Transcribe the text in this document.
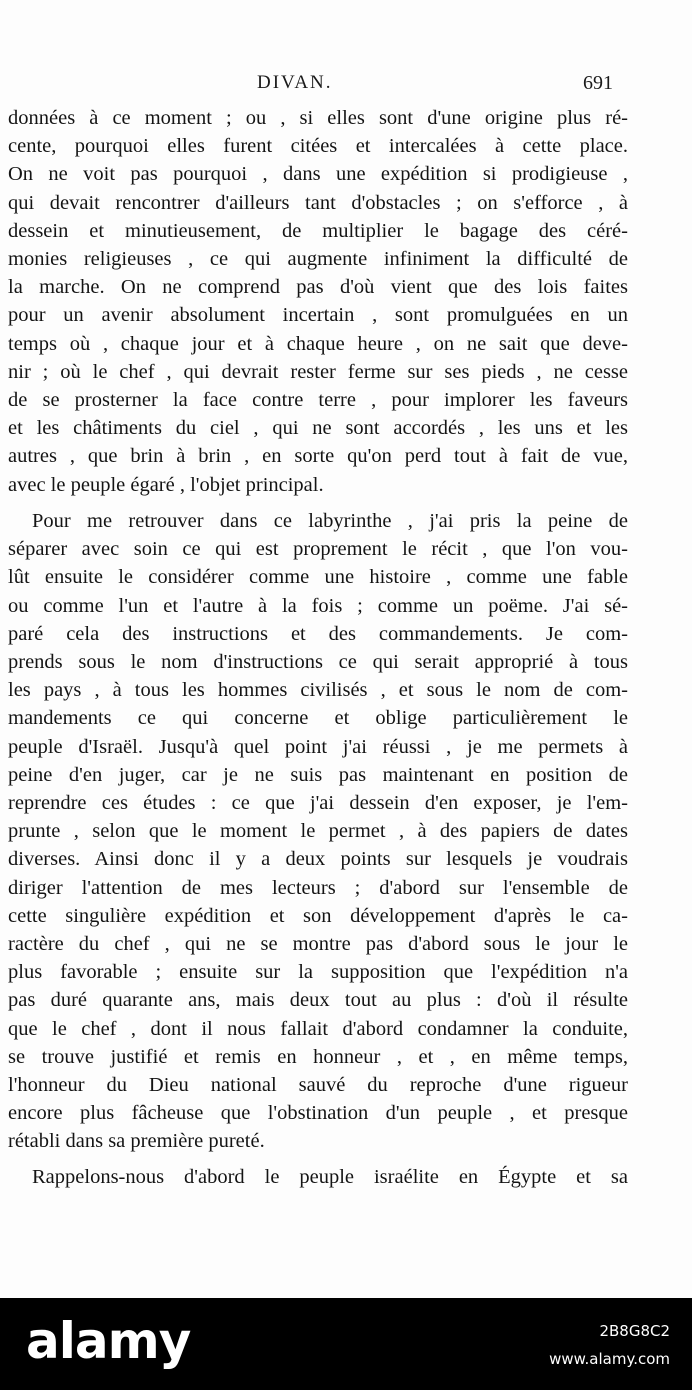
DIVAN.	691
données à ce moment ; ou , si elles sont d'une origine plus ré-
cente, pourquoi elles furent citées et intercalées à cette place.
On ne voit pas pourquoi , dans une expédition si prodigieuse ,
qui devait rencontrer d'ailleurs tant d'obstacles ; on s'efforce , à
dessein et minutieusement, de multiplier le bagage des céré-
monies religieuses , ce qui augmente infiniment la difficulté de
la marche. On ne comprend pas d'où vient que des lois faites
pour un avenir absolument incertain , sont promulguées en un
temps où , chaque jour et à chaque heure , on ne sait que deve-
nir ; où le chef , qui devrait rester ferme sur ses pieds , ne cesse
de se prosterner la face contre terre , pour implorer les faveurs
et les châtiments du ciel , qui ne sont accordés , les uns et les
autres , que brin à brin , en sorte qu'on perd tout à fait de vue,
avec le peuple égaré , l'objet principal.
Pour me retrouver dans ce labyrinthe , j'ai pris la peine de
séparer avec soin ce qui est proprement le récit , que l'on vou-
lût ensuite le considérer comme une histoire , comme une fable
ou comme l'un et l'autre à la fois ; comme un poëme. J'ai sé-
paré cela des instructions et des commandements. Je com-
prends sous le nom d'instructions ce qui serait approprié à tous
les pays , à tous les hommes civilisés , et sous le nom de com-
mandements ce qui concerne et oblige particulièrement le
peuple d'Israël. Jusqu'à quel point j'ai réussi , je me permets à
peine d'en juger, car je ne suis pas maintenant en position de
reprendre ces études : ce que j'ai dessein d'en exposer, je l'em-
prunte , selon que le moment le permet , à des papiers de dates
diverses. Ainsi donc il y a deux points sur lesquels je voudrais
diriger l'attention de mes lecteurs ; d'abord sur l'ensemble de
cette singulière expédition et son développement d'après le ca-
ractère du chef , qui ne se montre pas d'abord sous le jour le
plus favorable ; ensuite sur la supposition que l'expédition n'a
pas duré quarante ans, mais deux tout au plus : d'où il résulte
que le chef , dont il nous fallait d'abord condamner la conduite,
se trouve justifié et remis en honneur , et , en même temps,
l'honneur du Dieu national sauvé du reproche d'une rigueur
encore plus fâcheuse que l'obstination d'un peuple , et presque
rétabli dans sa première pureté.
Rappelons-nous d'abord le peuple israélite en Égypte et sa
alamy	2B8G8C2
www.alamy.com
